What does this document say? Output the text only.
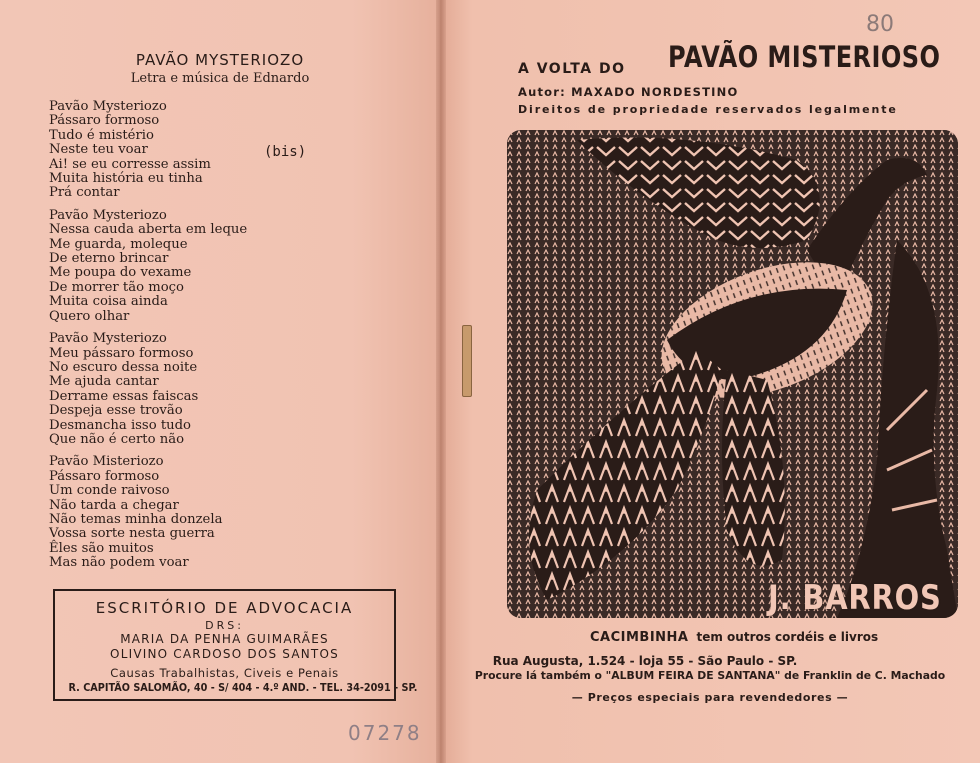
PAVÃO MYSTERIOZO
Letra e música de Ednardo
Pavão Mysteriozo
Pássaro formoso
Tudo é mistério
Neste teu voar
Ai! se eu corresse assim
Muita história eu tinha
Prá contar
Pavão Mysteriozo
Nessa cauda aberta em leque
Me guarda, moleque
De eterno brincar
Me poupa do vexame
De morrer tão moço
Muita coisa ainda
Quero olhar
Pavão Mysteriozo
Meu pássaro formoso
No escuro dessa noite
Me ajuda cantar
Derrame essas faiscas
Despeja esse trovão
Desmancha isso tudo
Que não é certo não
Pavão Misteriozo
Pássaro formoso
Um conde raivoso
Não tarda a chegar
Não temas minha donzela
Vossa sorte nesta guerra
Êles são muitos
Mas não podem voar
(bis)
ESCRITÓRIO DE ADVOCACIA
DRS:
MARIA DA PENHA GUIMARÃES
OLIVINO CARDOSO DOS SANTOS
Causas Trabalhistas, Civeis e Penais
R. CAPITÃO SALOMÃO, 40 - S/ 404 - 4.º AND. - TEL. 34-2091 - SP.
07278
80
A VOLTA DO PAVÃO MISTERIOSO
Autor: MAXADO NORDESTINO
Direitos de propriedade reservados legalmente
J. BARROS
CACIMBINHA tem outros cordéis e livros
Rua Augusta, 1.524 - loja 55 - São Paulo - SP.
Procure lá também o "ALBUM FEIRA DE SANTANA" de Franklin de C. Machado
— Preços especiais para revendedores —
